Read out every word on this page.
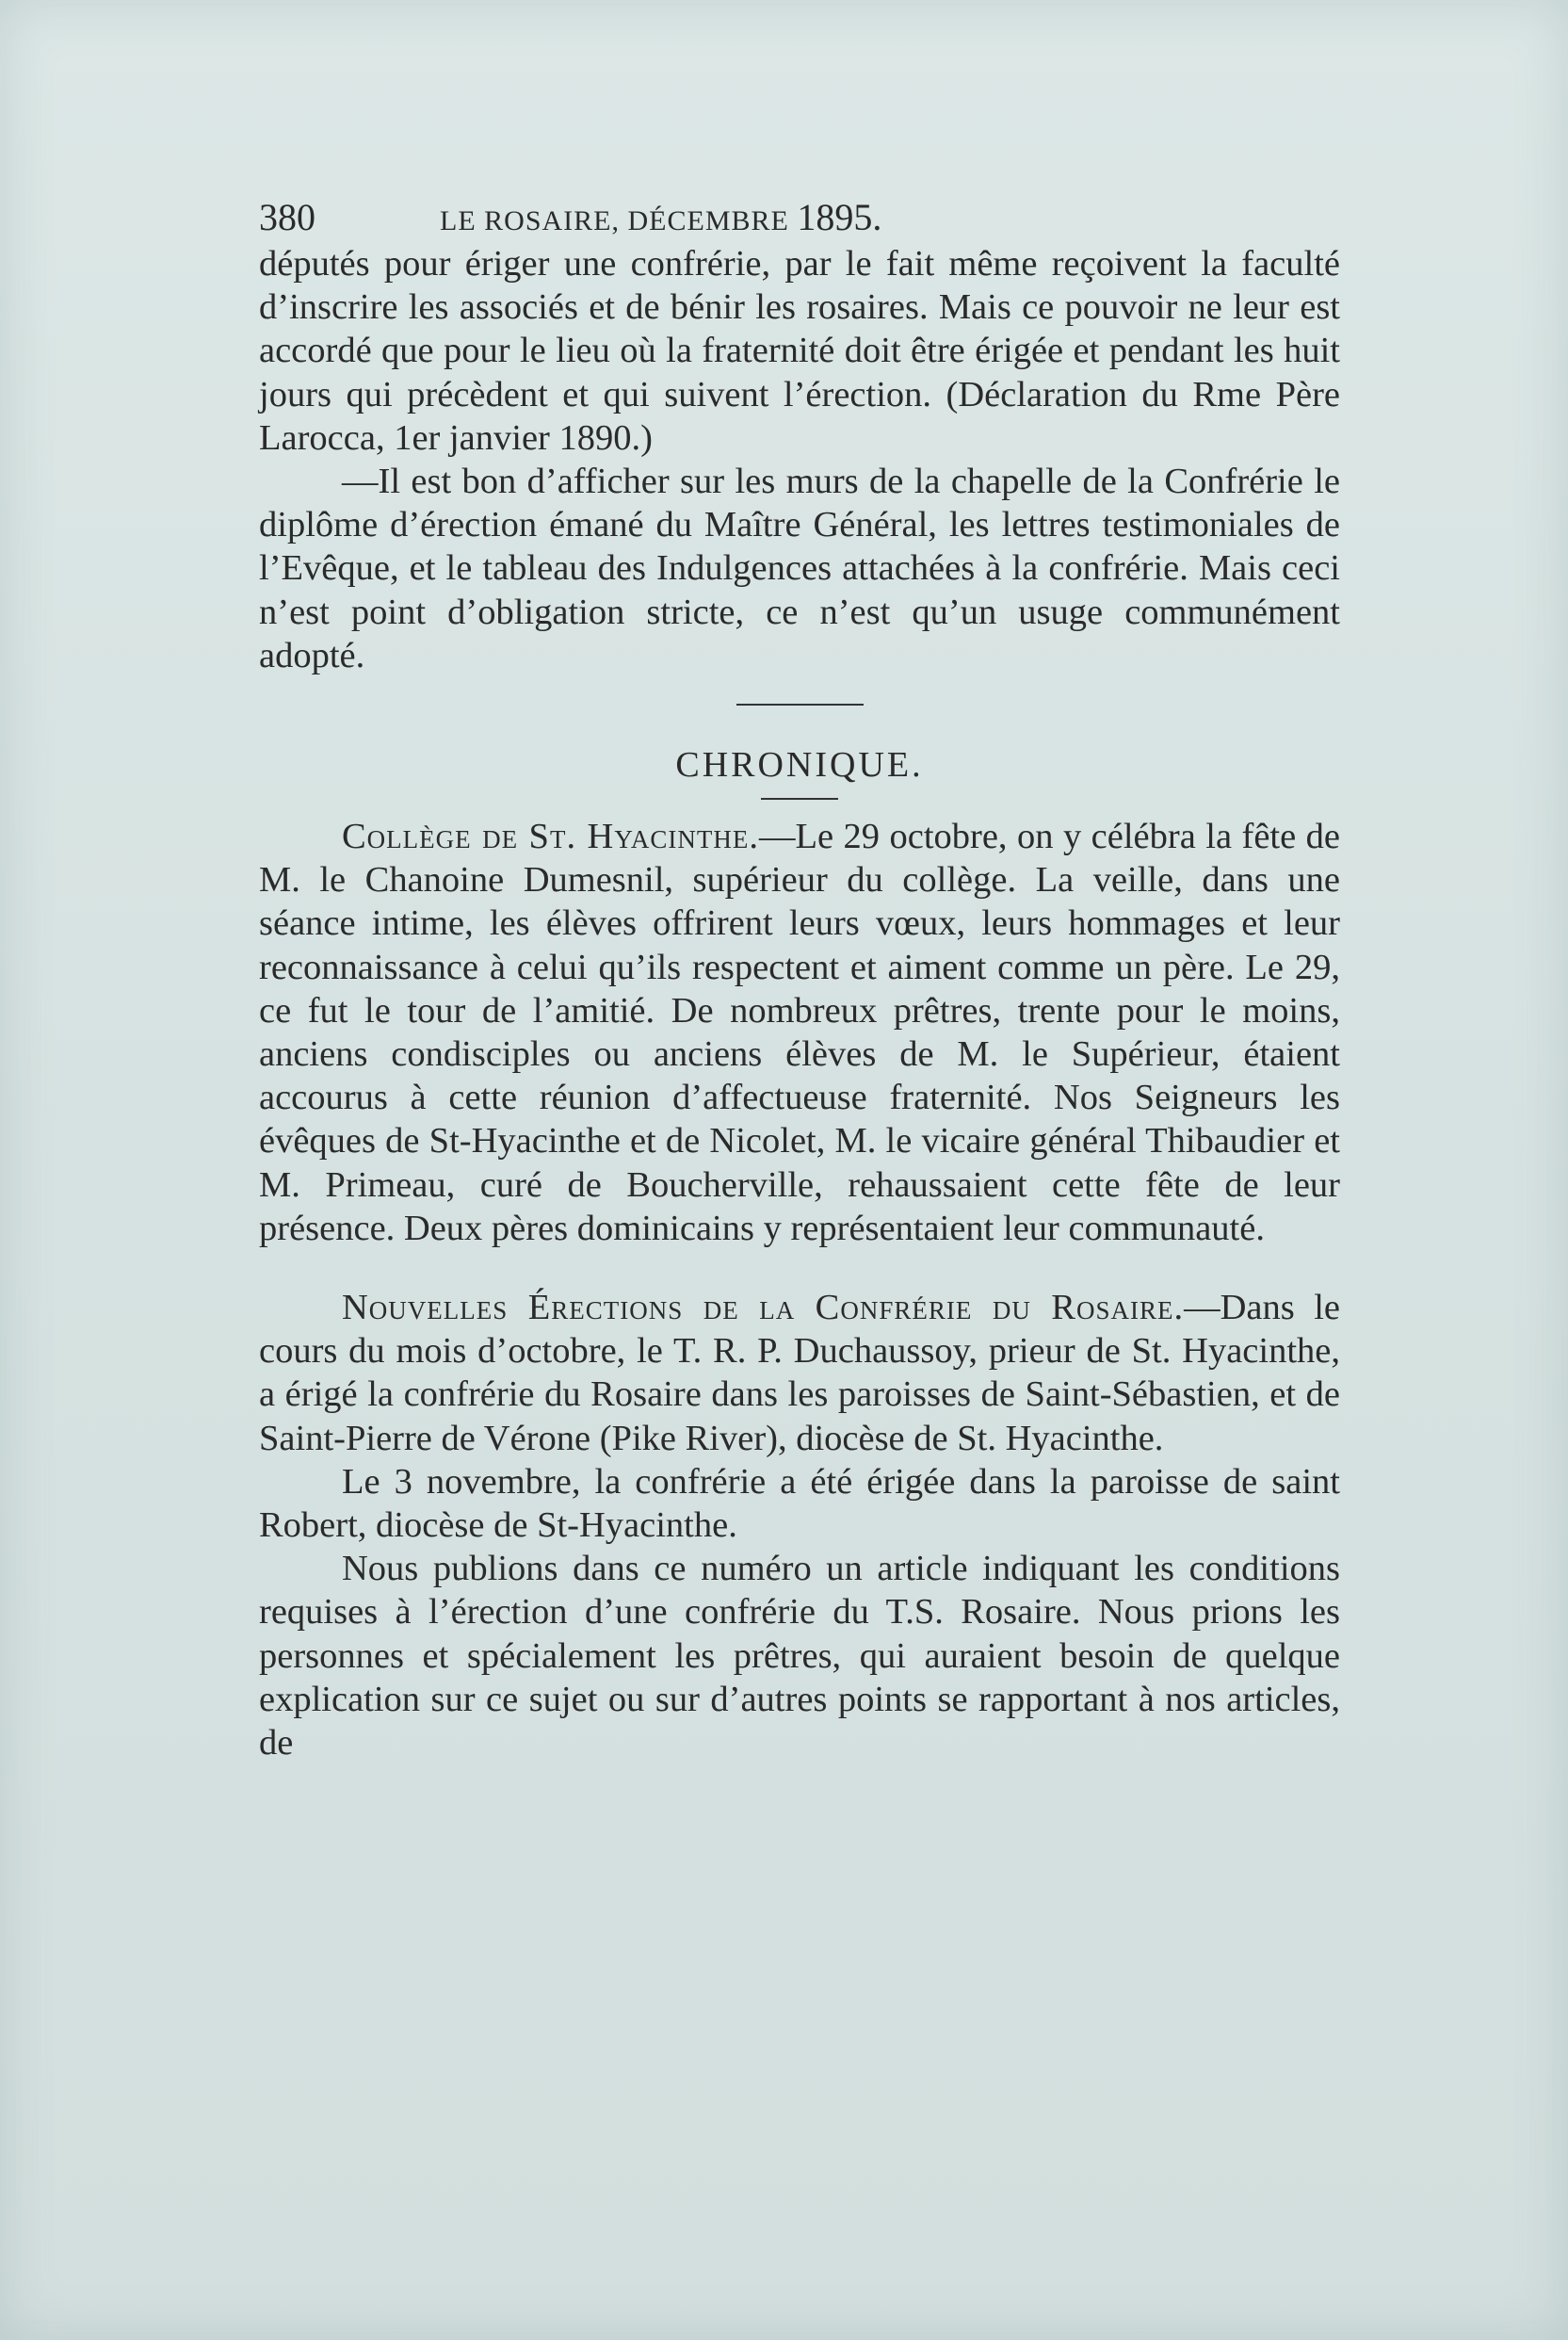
380	LE ROSAIRE, DÉCEMBRE 1895.

députés pour ériger une confrérie, par le fait même reçoivent la faculté d’inscrire les associés et de bénir les rosaires. Mais ce pouvoir ne leur est accordé que pour le lieu où la fraternité doit être érigée et pendant les huit jours qui précèdent et qui suivent l’érection. (Déclaration du Rme Père Larocca, 1er janvier 1890.)

—Il est bon d’afficher sur les murs de la chapelle de la Confrérie le diplôme d’érection émané du Maître Général, les lettres testimoniales de l’Evêque, et le tableau des Indulgences attachées à la confrérie. Mais ceci n’est point d’obligation stricte, ce n’est qu’un usuge communément adopté.

CHRONIQUE.

Collège de St. Hyacinthe.—Le 29 octobre, on y célébra la fête de M. le Chanoine Dumesnil, supérieur du collège. La veille, dans une séance intime, les élèves offrirent leurs vœux, leurs hommages et leur reconnaissance à celui qu’ils respectent et aiment comme un père. Le 29, ce fut le tour de l’amitié. De nombreux prêtres, trente pour le moins, anciens condisciples ou anciens élèves de M. le Supérieur, étaient accourus à cette réunion d’affectueuse fraternité. Nos Seigneurs les évêques de St-Hyacinthe et de Nicolet, M. le vicaire général Thibaudier et M. Primeau, curé de Boucherville, rehaussaient cette fête de leur présence. Deux pères dominicains y représentaient leur communauté.

Nouvelles Érections de la Confrérie du Rosaire.—Dans le cours du mois d’octobre, le T. R. P. Duchaussoy, prieur de St. Hyacinthe, a érigé la confrérie du Rosaire dans les paroisses de Saint-Sébastien, et de Saint-Pierre de Vérone (Pike River), diocèse de St. Hyacinthe.

Le 3 novembre, la confrérie a été érigée dans la paroisse de saint Robert, diocèse de St-Hyacinthe.

Nous publions dans ce numéro un article indiquant les conditions requises à l’érection d’une confrérie du T.S. Rosaire. Nous prions les personnes et spécialement les prêtres, qui auraient besoin de quelque explication sur ce sujet ou sur d’autres points se rapportant à nos articles, de
